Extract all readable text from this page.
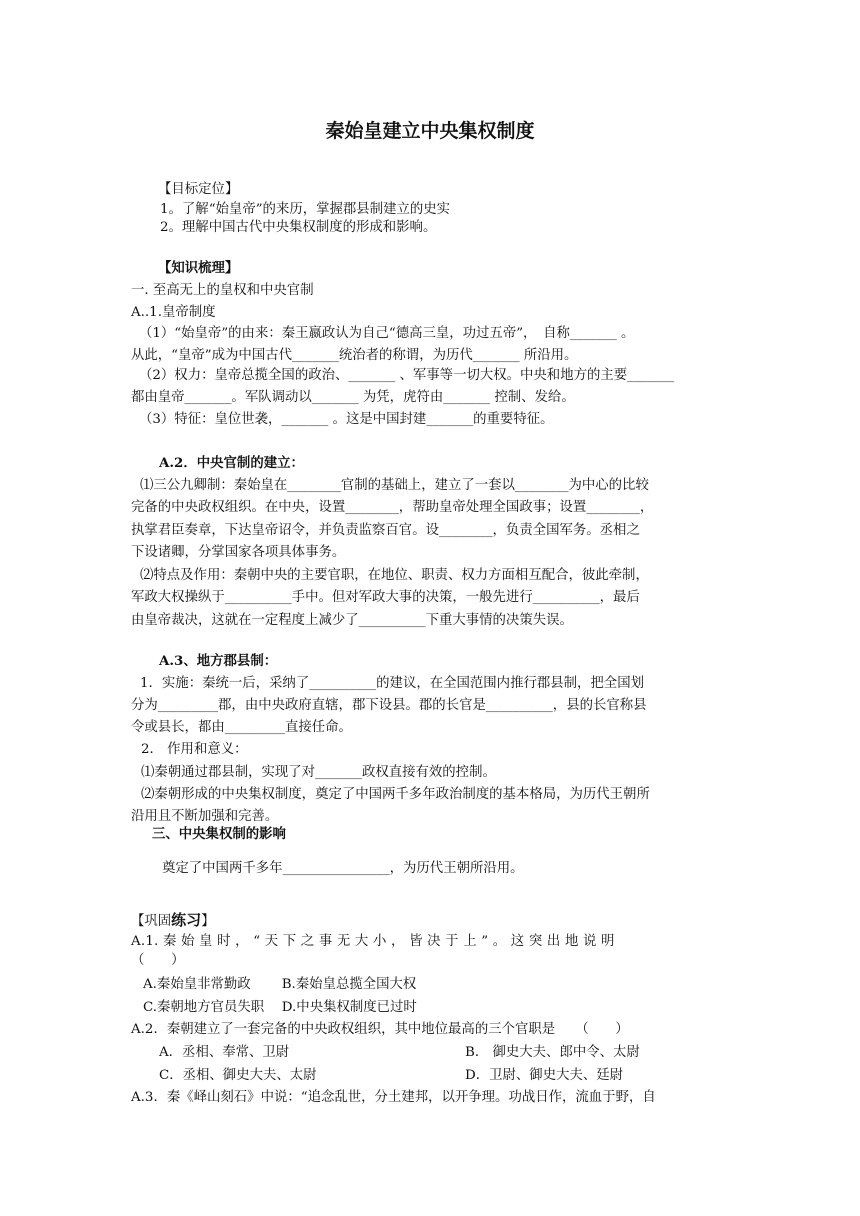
秦始皇建立中央集权制度
【目标定位】
1。了解“始皇帝”的来历，掌握郡县制建立的史实
2。理解中国古代中央集权制度的形成和影响。
【知识梳理】
一. 至高无上的皇权和中央官制
A..1.皇帝制度
（1）“始皇帝”的由来：秦王嬴政认为自己“德高三皇，功过五帝”，　自称_______ 。
从此，“皇帝”成为中国古代_______统治者的称谓，为历代_______ 所沿用。
（2）权力：皇帝总揽全国的政治、_______ 、军事等一切大权。中央和地方的主要_______
都由皇帝_______。军队调动以_______ 为凭，虎符由_______ 控制、发给。
（3）特征：皇位世袭，_______ 。这是中国封建_______的重要特征。
A.2．中央官制的建立：
⑴三公九卿制：秦始皇在________官制的基础上，建立了一套以________为中心的比较
完备的中央政权组织。在中央，设置________，帮助皇帝处理全国政事；设置________，
执掌君臣奏章，下达皇帝诏令，并负责监察百官。设________，负责全国军务。丞相之
下设诸卿，分掌国家各项具体事务。
⑵特点及作用：秦朝中央的主要官职，在地位、职责、权力方面相互配合，彼此牵制，
军政大权操纵于__________手中。但对军政大事的决策，一般先进行__________，最后
由皇帝裁决，这就在一定程度上减少了__________下重大事情的决策失误。
A.3、地方郡县制：
1．实施：秦统一后，采纳了__________的建议，在全国范围内推行郡县制，把全国划
分为_________郡，由中央政府直辖，郡下设县。郡的长官是__________，县的长官称县
令或县长，都由_________直接任命。
2． 作用和意义：
⑴秦朝通过郡县制，实现了对_______政权直接有效的控制。
⑵秦朝形成的中央集权制度，奠定了中国两千多年政治制度的基本格局，为历代王朝所
沿用且不断加强和完善。
三、中央集权制的影响
奠定了中国两千多年________________，为历代王朝所沿用。
【巩固练习】
A.1. 秦 始 皇 时 ， “ 天 下 之 事 无 大 小 ， 皆 决 于 上 ” 。 这 突 出 地 说 明
（　　）
A.秦始皇非常勤政　　 B.秦始皇总揽全国大权
C.秦朝地方官员失职　 D.中央集权制度已过时
A.2．秦朝建立了一套完备的中央政权组织，其中地位最高的三个官职是　　（　　）
A．丞相、奉常、卫尉	B． 御史大夫、郎中令、太尉
C．丞相、御史大夫、太尉	D．卫尉、御史大夫、廷尉
A.3．秦《峄山刻石》中说：“追念乱世，分土建邦，以开争理。功战日作，流血于野，自
